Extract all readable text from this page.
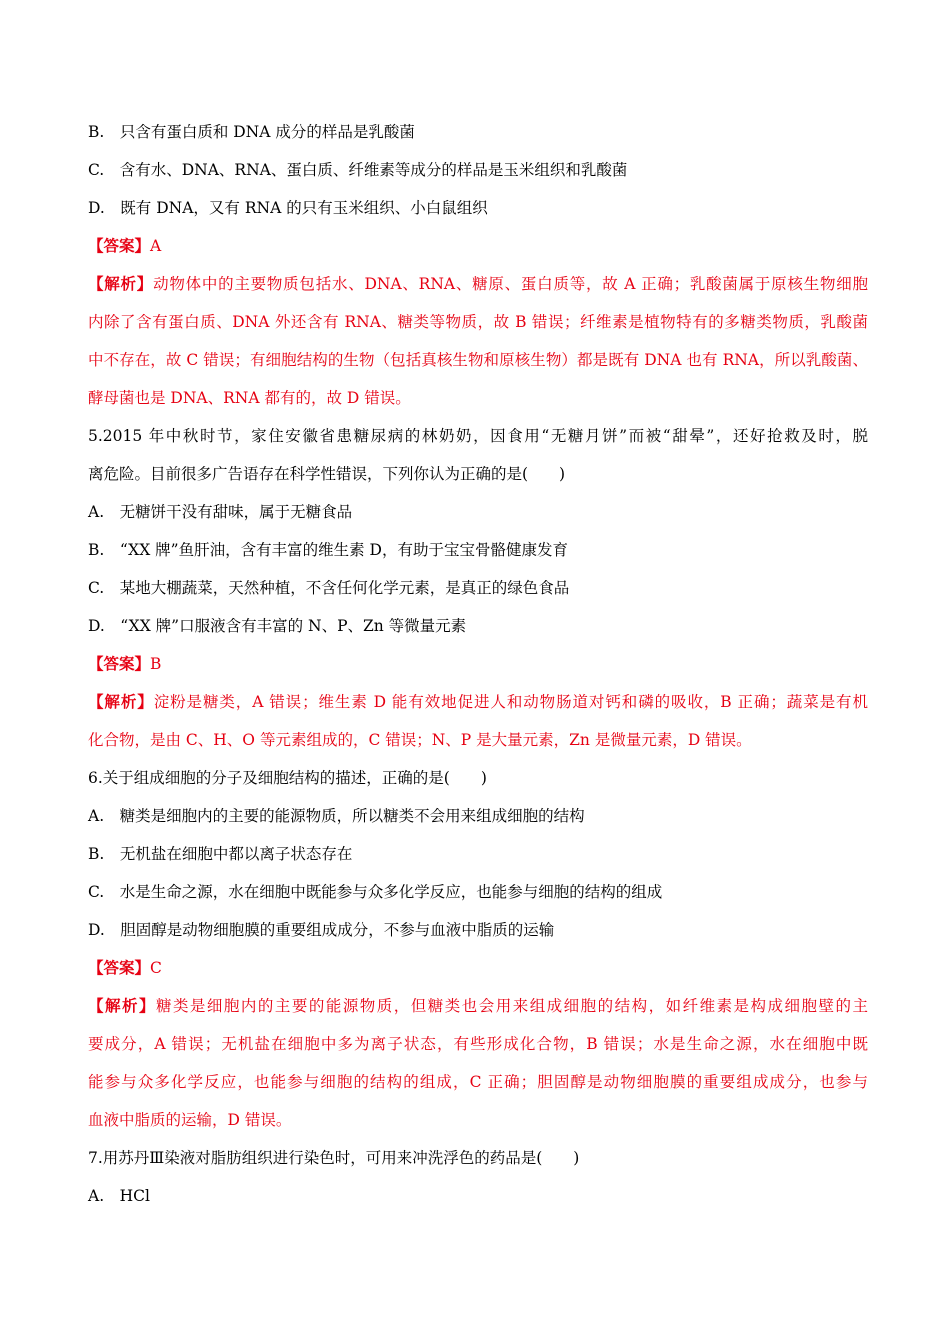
B.　只含有蛋白质和 DNA 成分的样品是乳酸菌
C.　含有水、DNA、RNA、蛋白质、纤维素等成分的样品是玉米组织和乳酸菌
D.　既有 DNA，又有 RNA 的只有玉米组织、小白鼠组织
【答案】A
【解析】动物体中的主要物质包括水、DNA、RNA、糖原、蛋白质等，故 A 正确；乳酸菌属于原核生物细胞
内除了含有蛋白质、DNA 外还含有 RNA、糖类等物质，故 B 错误；纤维素是植物特有的多糖类物质，乳酸菌
中不存在，故 C 错误；有细胞结构的生物（包括真核生物和原核生物）都是既有 DNA 也有 RNA，所以乳酸菌、
酵母菌也是 DNA、RNA 都有的，故 D 错误。
5.2015 年中秋时节，家住安徽省患糖尿病的林奶奶，因食用“无糖月饼”而被“甜晕”，还好抢救及时，脱
离危险。目前很多广告语存在科学性错误，下列你认为正确的是(　　)
A.　无糖饼干没有甜味，属于无糖食品
B.　“XX 牌”鱼肝油，含有丰富的维生素 D，有助于宝宝骨骼健康发育
C.　某地大棚蔬菜，天然种植，不含任何化学元素，是真正的绿色食品
D.　“XX 牌”口服液含有丰富的 N、P、Zn 等微量元素
【答案】B
【解析】淀粉是糖类，A 错误；维生素 D 能有效地促进人和动物肠道对钙和磷的吸收，B 正确；蔬菜是有机
化合物，是由 C、H、O 等元素组成的，C 错误；N、P 是大量元素，Zn 是微量元素，D 错误。
6.关于组成细胞的分子及细胞结构的描述，正确的是(　　)
A.　糖类是细胞内的主要的能源物质，所以糖类不会用来组成细胞的结构
B.　无机盐在细胞中都以离子状态存在
C.　水是生命之源，水在细胞中既能参与众多化学反应，也能参与细胞的结构的组成
D.　胆固醇是动物细胞膜的重要组成成分，不参与血液中脂质的运输
【答案】C
【解析】糖类是细胞内的主要的能源物质，但糖类也会用来组成细胞的结构，如纤维素是构成细胞壁的主
要成分，A 错误；无机盐在细胞中多为离子状态，有些形成化合物，B 错误；水是生命之源，水在细胞中既
能参与众多化学反应，也能参与细胞的结构的组成，C 正确；胆固醇是动物细胞膜的重要组成成分，也参与
血液中脂质的运输，D 错误。
7.用苏丹Ⅲ染液对脂肪组织进行染色时，可用来冲洗浮色的药品是(　　)
A.　HCl
